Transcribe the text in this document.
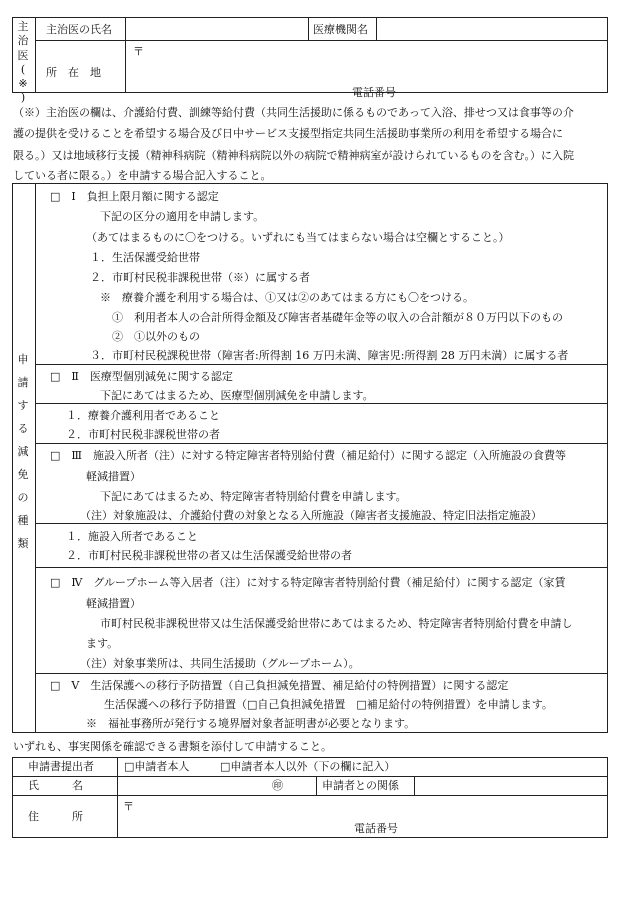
主
治
医
(
※
)
主治医の氏名	医療機関名
所　在　地
〒
電話番号
（※）主治医の欄は、介護給付費、訓練等給付費（共同生活援助に係るものであって入浴、排せつ又は食事等の介
護の提供を受けることを希望する場合及び日中サービス支援型指定共同生活援助事業所の利用を希望する場合に
限る。）又は地域移行支援（精神科病院（精神科病院以外の病院で精神病室が設けられているものを含む。）に入院
している者に限る。）を申請する場合記入すること。
申
請
す
る
減
免
の
種
類
□　Ⅰ　負担上限月額に関する認定
下記の区分の適用を申請します。
（あてはまるものに〇をつける。いずれにも当てはまらない場合は空欄とすること。）
１．生活保護受給世帯
２．市町村民税非課税世帯（※）に属する者
※　療養介護を利用する場合は、①又は②のあてはまる方にも〇をつける。
①　利用者本人の合計所得金額及び障害者基礎年金等の収入の合計額が８０万円以下のもの
②　①以外のもの
３．市町村民税課税世帯（障害者:所得割 16 万円未満、障害児:所得割 28 万円未満）に属する者
□　Ⅱ　医療型個別減免に関する認定
下記にあてはまるため、医療型個別減免を申請します。
１．療養介護利用者であること
２．市町村民税非課税世帯の者
□　Ⅲ　施設入所者（注）に対する特定障害者特別給付費（補足給付）に関する認定（入所施設の食費等
軽減措置）
下記にあてはまるため、特定障害者特別給付費を申請します。
（注）対象施設は、介護給付費の対象となる入所施設（障害者支援施設、特定旧法指定施設）
１．施設入所者であること
２．市町村民税非課税世帯の者又は生活保護受給世帯の者
□　Ⅳ　グループホーム等入居者（注）に対する特定障害者特別給付費（補足給付）に関する認定（家賃
軽減措置）
市町村民税非課税世帯又は生活保護受給世帯にあてはまるため、特定障害者特別給付費を申請し
ます。
（注）対象事業所は、共同生活援助（グループホーム）。
□　Ⅴ　生活保護への移行予防措置（自己負担減免措置、補足給付の特例措置）に関する認定
生活保護への移行予防措置（□自己負担減免措置　□補足給付の特例措置）を申請します。
※　福祉事務所が発行する境界層対象者証明書が必要となります。
いずれも、事実関係を確認できる書類を添付して申請すること。
申請書提出者	□申請者本人	□申請者本人以外（下の欄に記入）
氏　　　名	㊞	申請者との関係
住　　　所
〒
電話番号
